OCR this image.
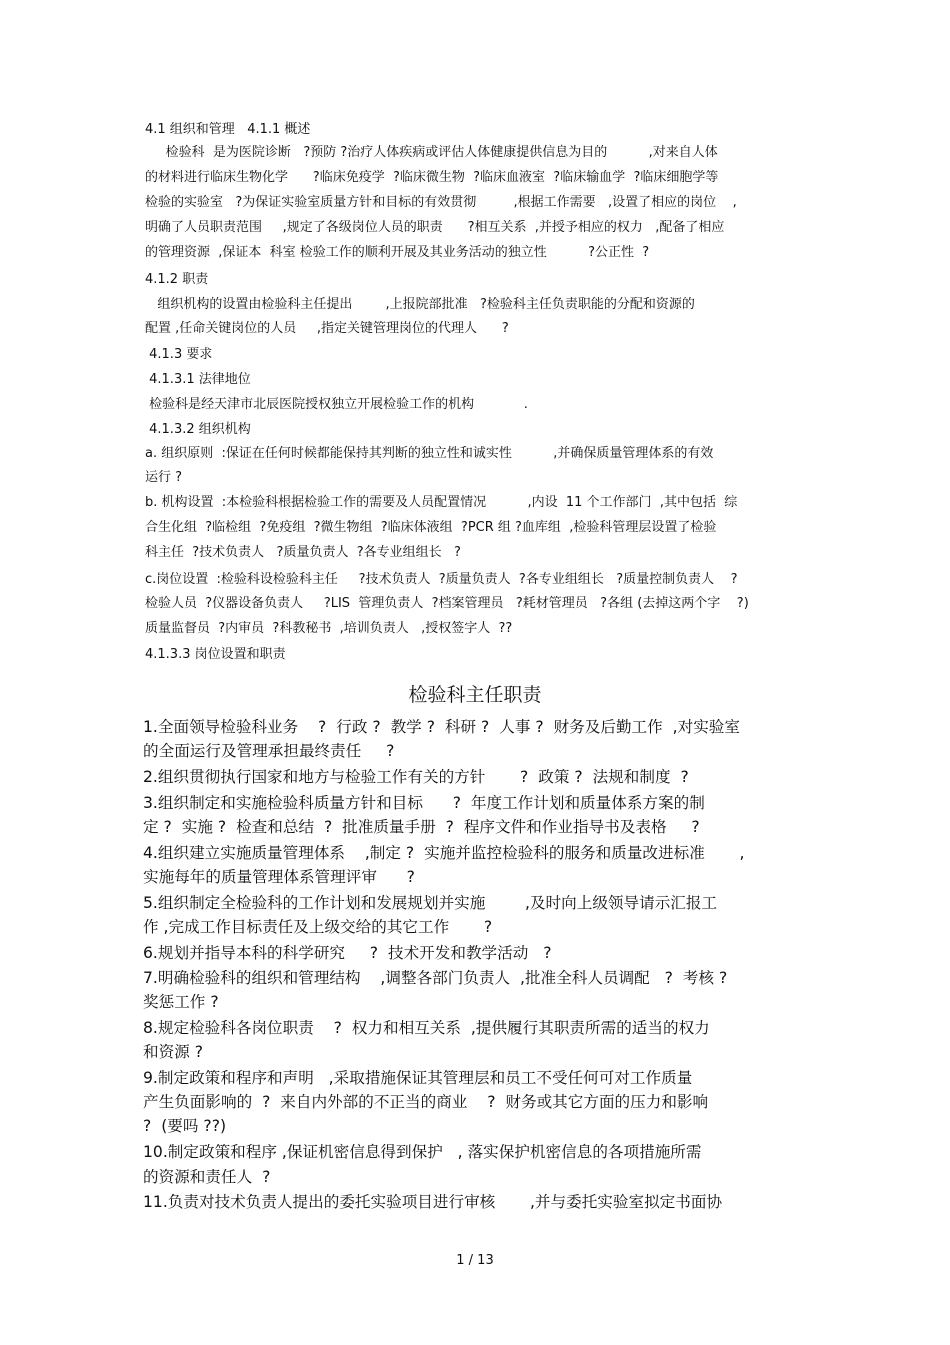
4.1 组织和管理   4.1.1 概述
检验科  是为医院诊断   ?预防 ?治疗人体疾病或评估人体健康提供信息为目的          ,对来自人体
的材料进行临床生物化学      ?临床免疫学  ?临床微生物  ?临床血液室  ?临床输血学  ?临床细胞学等
检验的实验室   ?为保证实验室质量方针和目标的有效贯彻         ,根据工作需要   ,设置了相应的岗位    ,
明确了人员职责范围     ,规定了各级岗位人员的职责      ?相互关系  ,并授予相应的权力   ,配备了相应
的管理资源  ,保证本  科室 检验工作的顺利开展及其业务活动的独立性          ?公正性  ?
4.1.2 职责
组织机构的设置由检验科主任提出        ,上报院部批准   ?检验科主任负责职能的分配和资源的
配置 ,任命关键岗位的人员     ,指定关键管理岗位的代理人      ?
4.1.3 要求
4.1.3.1 法律地位
检验科是经天津市北辰医院授权独立开展检验工作的机构            .
4.1.3.2 组织机构
a. 组织原则  :保证在任何时候都能保持其判断的独立性和诚实性          ,并确保质量管理体系的有效
运行 ?
b. 机构设置  :本检验科根据检验工作的需要及人员配置情况          ,内设  11 个工作部门  ,其中包括  综
合生化组  ?临检组  ?免疫组  ?微生物组  ?临床体液组  ?PCR 组 ?血库组  ,检验科管理层设置了检验
科主任  ?技术负责人   ?质量负责人  ?各专业组组长   ?
c.岗位设置  :检验科设检验科主任     ?技术负责人  ?质量负责人  ?各专业组组长   ?质量控制负责人    ?
检验人员  ?仪器设备负责人     ?LIS  管理负责人  ?档案管理员   ?耗材管理员   ?各组 (去掉这两个字    ?)
质量监督员  ?内审员  ?科教秘书  ,培训负责人   ,授权签字人  ??
4.1.3.3 岗位设置和职责
检验科主任职责
1.全面领导检验科业务    ?  行政 ?  教学 ?  科研 ?  人事 ?  财务及后勤工作  ,对实验室
的全面运行及管理承担最终责任     ?
2.组织贯彻执行国家和地方与检验工作有关的方针       ?  政策 ?  法规和制度  ?
3.组织制定和实施检验科质量方针和目标      ?  年度工作计划和质量体系方案的制
定 ?  实施 ?  检查和总结  ?  批准质量手册  ?  程序文件和作业指导书及表格     ?
4.组织建立实施质量管理体系    ,制定 ?  实施并监控检验科的服务和质量改进标准       ,
实施每年的质量管理体系管理评审      ?
5.组织制定全检验科的工作计划和发展规划并实施        ,及时向上级领导请示汇报工
作 ,完成工作目标责任及上级交给的其它工作       ?
6.规划并指导本科的科学研究     ?  技术开发和教学活动   ?
7.明确检验科的组织和管理结构    ,调整各部门负责人  ,批准全科人员调配   ?  考核 ?
奖惩工作 ?
8.规定检验科各岗位职责    ?  权力和相互关系  ,提供履行其职责所需的适当的权力
和资源 ?
9.制定政策和程序和声明   ,采取措施保证其管理层和员工不受任何可对工作质量
产生负面影响的  ?  来自内外部的不正当的商业    ?  财务或其它方面的压力和影响
?  (要吗 ??)
10.制定政策和程序 ,保证机密信息得到保护   , 落实保护机密信息的各项措施所需
的资源和责任人  ?
11.负责对技术负责人提出的委托实验项目进行审核       ,并与委托实验室拟定书面协
1 / 13
